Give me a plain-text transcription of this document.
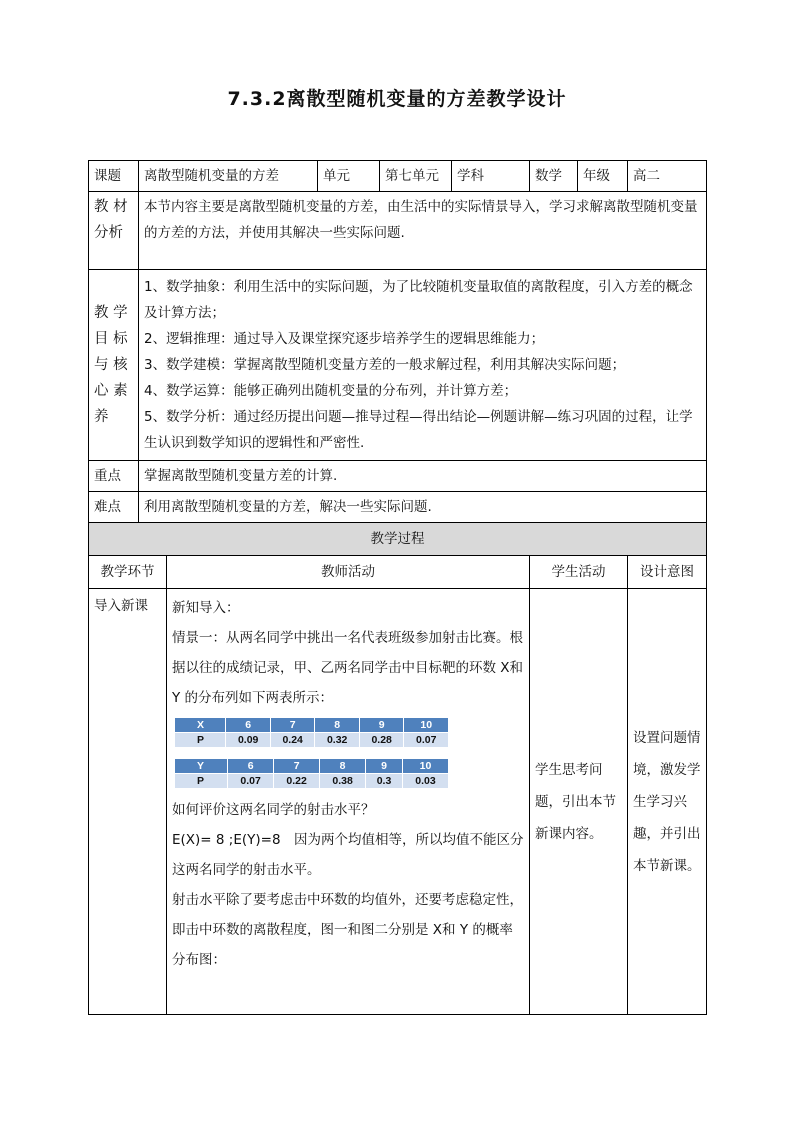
7.3.2离散型随机变量的方差教学设计
课题	离散型随机变量的方差	单元	第七单元	学科	数学	年级	高二

教 材
分析
	本节内容主要是离散型随机变量的方差，由生活中的实际情景导入，学习求解离散型随机变量的方差的方法，并使用其解决一些实际问题.

教 学
目 标
与 核
心 素
养

1、数学抽象：利用生活中的实际问题，为了比较随机变量取值的离散程度，引入方差的概念及计算方法；

2、逻辑推理：通过导入及课堂探究逐步培养学生的逻辑思维能力；

3、数学建模：掌握离散型随机变量方差的一般求解过程，利用其解决实际问题；

4、数学运算：能够正确列出随机变量的分布列，并计算方差；

5、数学分析：通过经历提出问题—推导过程—得出结论—例题讲解—练习巩固的过程，让学生认识到数学知识的逻辑性和严密性.

重点	掌握离散型随机变量方差的计算.
难点	利用离散型随机变量的方差，解决一些实际问题.
教学过程
教学环节	教师活动	学生活动	设计意图
导入新课	新知导入：

情景一：从两名同学中挑出一名代表班级参加射击比赛。根据以往的成绩记录，甲、乙两名同学击中目标靶的环数 X和 Y 的分布列如下两表所示：

X	6	7	8	9	10
P	0.09	0.24	0.32	0.28	0.07
Y	6	7	8	9	10
P	0.07	0.22	0.38	0.3	0.03

如何评价这两名同学的射击水平？

E(X)= 8 ;E(Y)=8　因为两个均值相等，所以均值不能区分这两名同学的射击水平。

射击水平除了要考虑击中环数的均值外，还要考虑稳定性，即击中环数的离散程度，图一和图二分别是 X和 Y 的概率分布图：

	学生思考问题，引出本节新课内容。	设置问题情境，激发学生学习兴趣，并引出本节新课。
